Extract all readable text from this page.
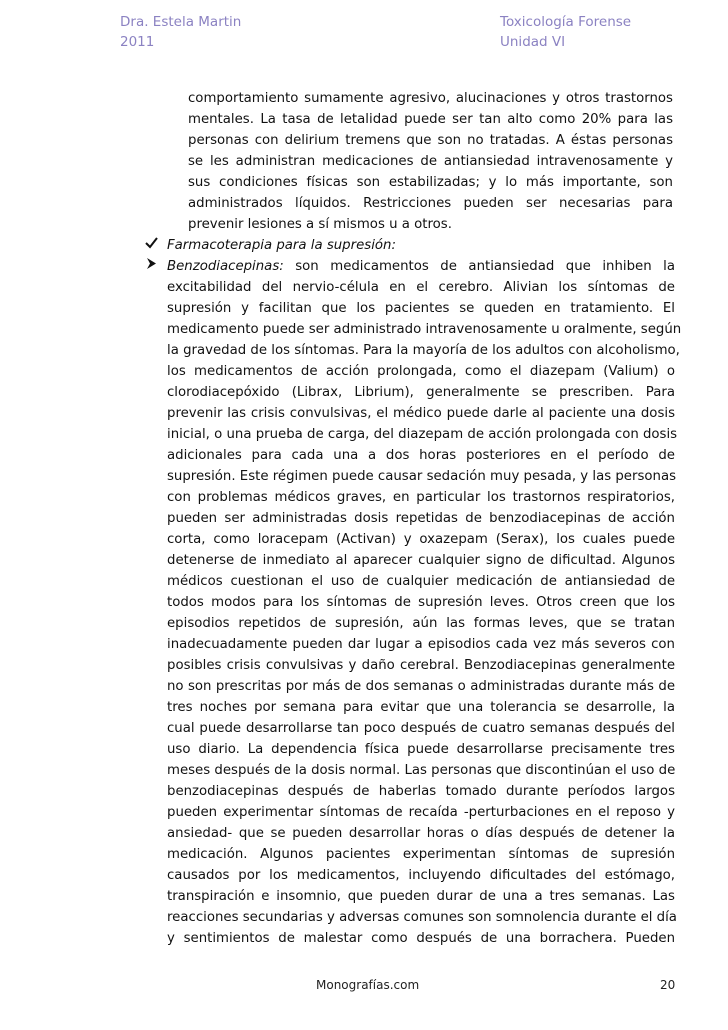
Dra. Estela Martin
2011
Toxicología Forense
Unidad VI
comportamiento sumamente agresivo, alucinaciones y otros trastornos
mentales. La tasa de letalidad puede ser tan alto como 20% para las
personas con delirium tremens que son no tratadas. A éstas personas
se les administran medicaciones de antiansiedad intravenosamente y
sus condiciones físicas son estabilizadas; y lo más importante, son
administrados líquidos. Restricciones pueden ser necesarias para
prevenir lesiones a sí mismos u a otros.
Farmacoterapia para la supresión:
Benzodiacepinas: son medicamentos de antiansiedad que inhiben la
excitabilidad del nervio-célula en el cerebro. Alivian los síntomas de
supresión y facilitan que los pacientes se queden en tratamiento. El
medicamento puede ser administrado intravenosamente u oralmente, según
la gravedad de los síntomas. Para la mayoría de los adultos con alcoholismo,
los medicamentos de acción prolongada, como el diazepam (Valium) o
clorodiacepóxido (Librax, Librium), generalmente se prescriben. Para
prevenir las crisis convulsivas, el médico puede darle al paciente una dosis
inicial, o una prueba de carga, del diazepam de acción prolongada con dosis
adicionales para cada una a dos horas posteriores en el período de
supresión. Este régimen puede causar sedación muy pesada, y las personas
con problemas médicos graves, en particular los trastornos respiratorios,
pueden ser administradas dosis repetidas de benzodiacepinas de acción
corta, como loracepam (Activan) y oxazepam (Serax), los cuales puede
detenerse de inmediato al aparecer cualquier signo de dificultad. Algunos
médicos cuestionan el uso de cualquier medicación de antiansiedad de
todos modos para los síntomas de supresión leves. Otros creen que los
episodios repetidos de supresión, aún las formas leves, que se tratan
inadecuadamente pueden dar lugar a episodios cada vez más severos con
posibles crisis convulsivas y daño cerebral. Benzodiacepinas generalmente
no son prescritas por más de dos semanas o administradas durante más de
tres noches por semana para evitar que una tolerancia se desarrolle, la
cual puede desarrollarse tan poco después de cuatro semanas después del
uso diario. La dependencia física puede desarrollarse precisamente tres
meses después de la dosis normal. Las personas que discontinúan el uso de
benzodiacepinas después de haberlas tomado durante períodos largos
pueden experimentar síntomas de recaída -perturbaciones en el reposo y
ansiedad- que se pueden desarrollar horas o días después de detener la
medicación. Algunos pacientes experimentan síntomas de supresión
causados por los medicamentos, incluyendo dificultades del estómago,
transpiración e insomnio, que pueden durar de una a tres semanas. Las
reacciones secundarias y adversas comunes son somnolencia durante el día
y sentimientos de malestar como después de una borrachera. Pueden
Monografías.com	20
